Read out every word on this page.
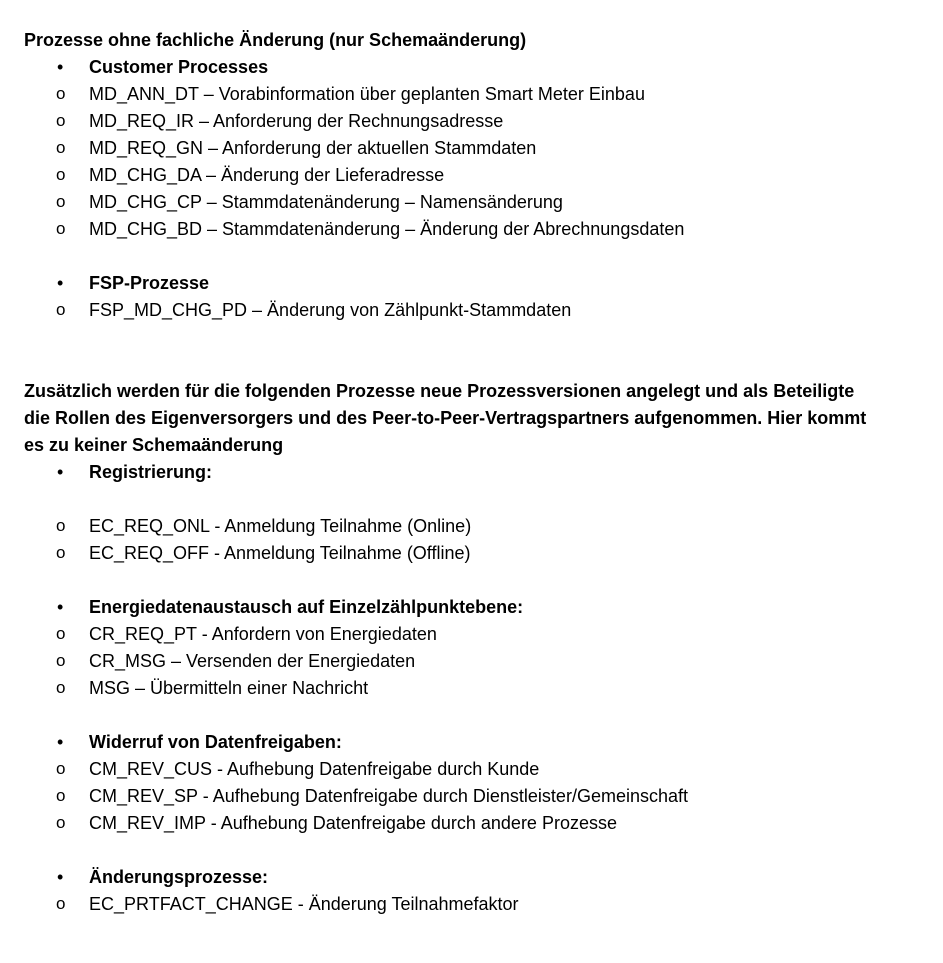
Prozesse ohne fachliche Änderung (nur Schemaänderung)

• Customer Processes
o MD_ANN_DT – Vorabinformation über geplanten Smart Meter Einbau
o MD_REQ_IR – Anforderung der Rechnungsadresse
o MD_REQ_GN – Anforderung der aktuellen Stammdaten
o MD_CHG_DA – Änderung der Lieferadresse
o MD_CHG_CP – Stammdatenänderung – Namensänderung
o MD_CHG_BD – Stammdatenänderung – Änderung der Abrechnungsdaten
• FSP-Prozesse
o FSP_MD_CHG_PD – Änderung von Zählpunkt-Stammdaten
Zusätzlich werden für die folgenden Prozesse neue Prozessversionen angelegt und als Beteiligte
die Rollen des Eigenversorgers und des Peer-to-Peer-Vertragspartners aufgenommen. Hier kommt
es zu keiner Schemaänderung
• Registrierung:
o EC_REQ_ONL - Anmeldung Teilnahme (Online)
o EC_REQ_OFF - Anmeldung Teilnahme (Offline)
• Energiedatenaustausch auf Einzelzählpunktebene:
o CR_REQ_PT - Anfordern von Energiedaten
o CR_MSG – Versenden der Energiedaten
o MSG – Übermitteln einer Nachricht
• Widerruf von Datenfreigaben:
o CM_REV_CUS - Aufhebung Datenfreigabe durch Kunde
o CM_REV_SP - Aufhebung Datenfreigabe durch Dienstleister/Gemeinschaft
o CM_REV_IMP - Aufhebung Datenfreigabe durch andere Prozesse
• Änderungsprozesse:
o EC_PRTFACT_CHANGE - Änderung Teilnahmefaktor
